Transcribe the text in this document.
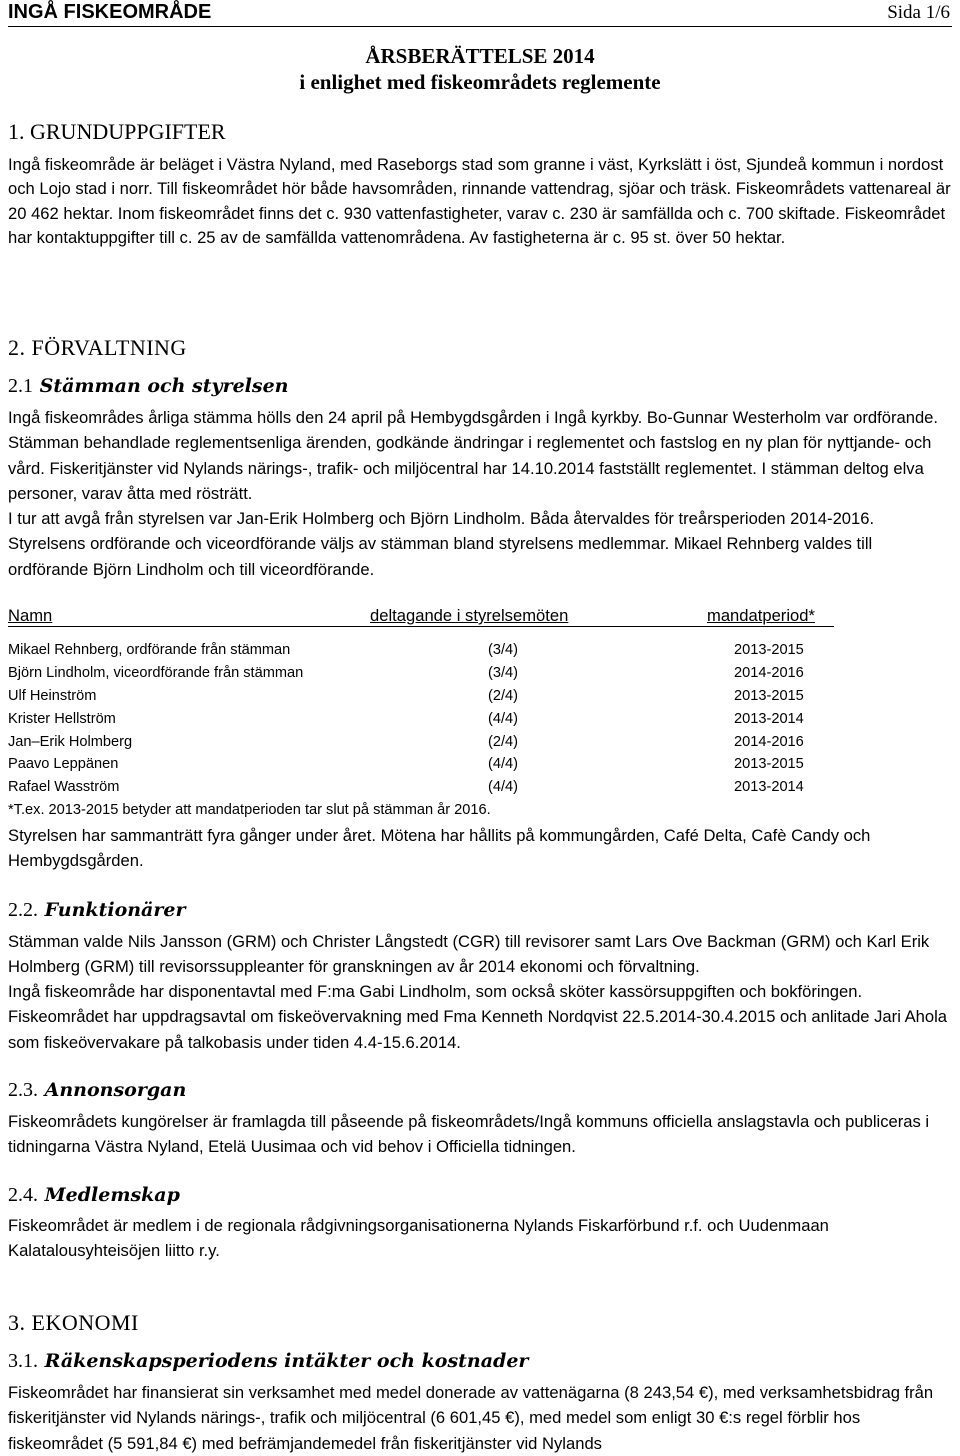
INGÅ FISKEOMRÅDE	Sida 1/6
ÅRSBERÄTTELSE 2014
i enlighet med fiskeområdets reglemente
1. GRUNDUPPGIFTER
Ingå fiskeområde är beläget i Västra Nyland, med Raseborgs stad som granne i väst, Kyrkslätt i öst, Sjundeå kommun i nordost och Lojo stad i norr. Till fiskeområdet hör både havsområden, rinnande vattendrag, sjöar och träsk. Fiskeområdets vattenareal är 20 462 hektar. Inom fiskeområdet finns det c. 930 vattenfastigheter, varav c. 230 är samfällda och c. 700 skiftade. Fiskeområdet har kontaktuppgifter till c. 25 av de samfällda vattenområdena. Av fastigheterna är c. 95 st. över 50 hektar.
2. FÖRVALTNING
2.1 Stämman och styrelsen
Ingå fiskeområdes årliga stämma hölls den 24 april på Hembygdsgården i Ingå kyrkby. Bo-Gunnar Westerholm var ordförande. Stämman behandlade reglementsenliga ärenden, godkände ändringar i reglementet och fastslog en ny plan för nyttjande- och vård. Fiskeritjänster vid Nylands närings-, trafik- och miljöcentral har 14.10.2014 fastställt reglementet. I stämman deltog elva personer, varav åtta med rösträtt.
I tur att avgå från styrelsen var Jan-Erik Holmberg och Björn Lindholm. Båda återvaldes för treårsperioden 2014-2016. Styrelsens ordförande och viceordförande väljs av stämman bland styrelsens medlemmar. Mikael Rehnberg valdes till ordförande Björn Lindholm och till viceordförande.
Namn	deltagande i styrelsemöten	mandatperiod*
Mikael Rehnberg, ordförande från stämman	(3/4)	2013-2015
Björn Lindholm, viceordförande från stämman	(3/4)	2014-2016
Ulf Heinström	(2/4)	2013-2015
Krister Hellström	(4/4)	2013-2014
Jan–Erik Holmberg	(2/4)	2014-2016
Paavo Leppänen	(4/4)	2013-2015
Rafael Wasström	(4/4)	2013-2014
*T.ex. 2013-2015 betyder att mandatperioden tar slut på stämman år 2016.
Styrelsen har sammanträtt fyra gånger under året. Mötena har hållits på kommungården, Café Delta, Cafè Candy och Hembygdsgården.
2.2. Funktionärer
Stämman valde Nils Jansson (GRM) och Christer Långstedt (CGR) till revisorer samt Lars Ove Backman (GRM) och Karl Erik Holmberg (GRM) till revisorssuppleanter för granskningen av år 2014 ekonomi och förvaltning.
Ingå fiskeområde har disponentavtal med F:ma Gabi Lindholm, som också sköter kassörsuppgiften och bokföringen. Fiskeområdet har uppdragsavtal om fiskeövervakning med Fma Kenneth Nordqvist 22.5.2014-30.4.2015 och anlitade Jari Ahola som fiskeövervakare på talkobasis under tiden 4.4-15.6.2014.
2.3. Annonsorgan
Fiskeområdets kungörelser är framlagda till påseende på fiskeområdets/Ingå kommuns officiella anslagstavla och publiceras i tidningarna Västra Nyland, Etelä Uusimaa och vid behov i Officiella tidningen.
2.4. Medlemskap
Fiskeområdet är medlem i de regionala rådgivningsorganisationerna Nylands Fiskarförbund r.f. och Uudenmaan Kalatalousyhteisöjen liitto r.y.
3. EKONOMI
3.1. Räkenskapsperiodens intäkter och kostnader
Fiskeområdet har finansierat sin verksamhet med medel donerade av vattenägarna (8 243,54 €), med verksamhetsbidrag från fiskeritjänster vid Nylands närings-, trafik och miljöcentral (6 601,45 €), med medel som enligt 30 €:s regel förblir hos fiskeområdet (5 591,84 €) med befrämjandemedel från fiskeritjänster vid Nylands
